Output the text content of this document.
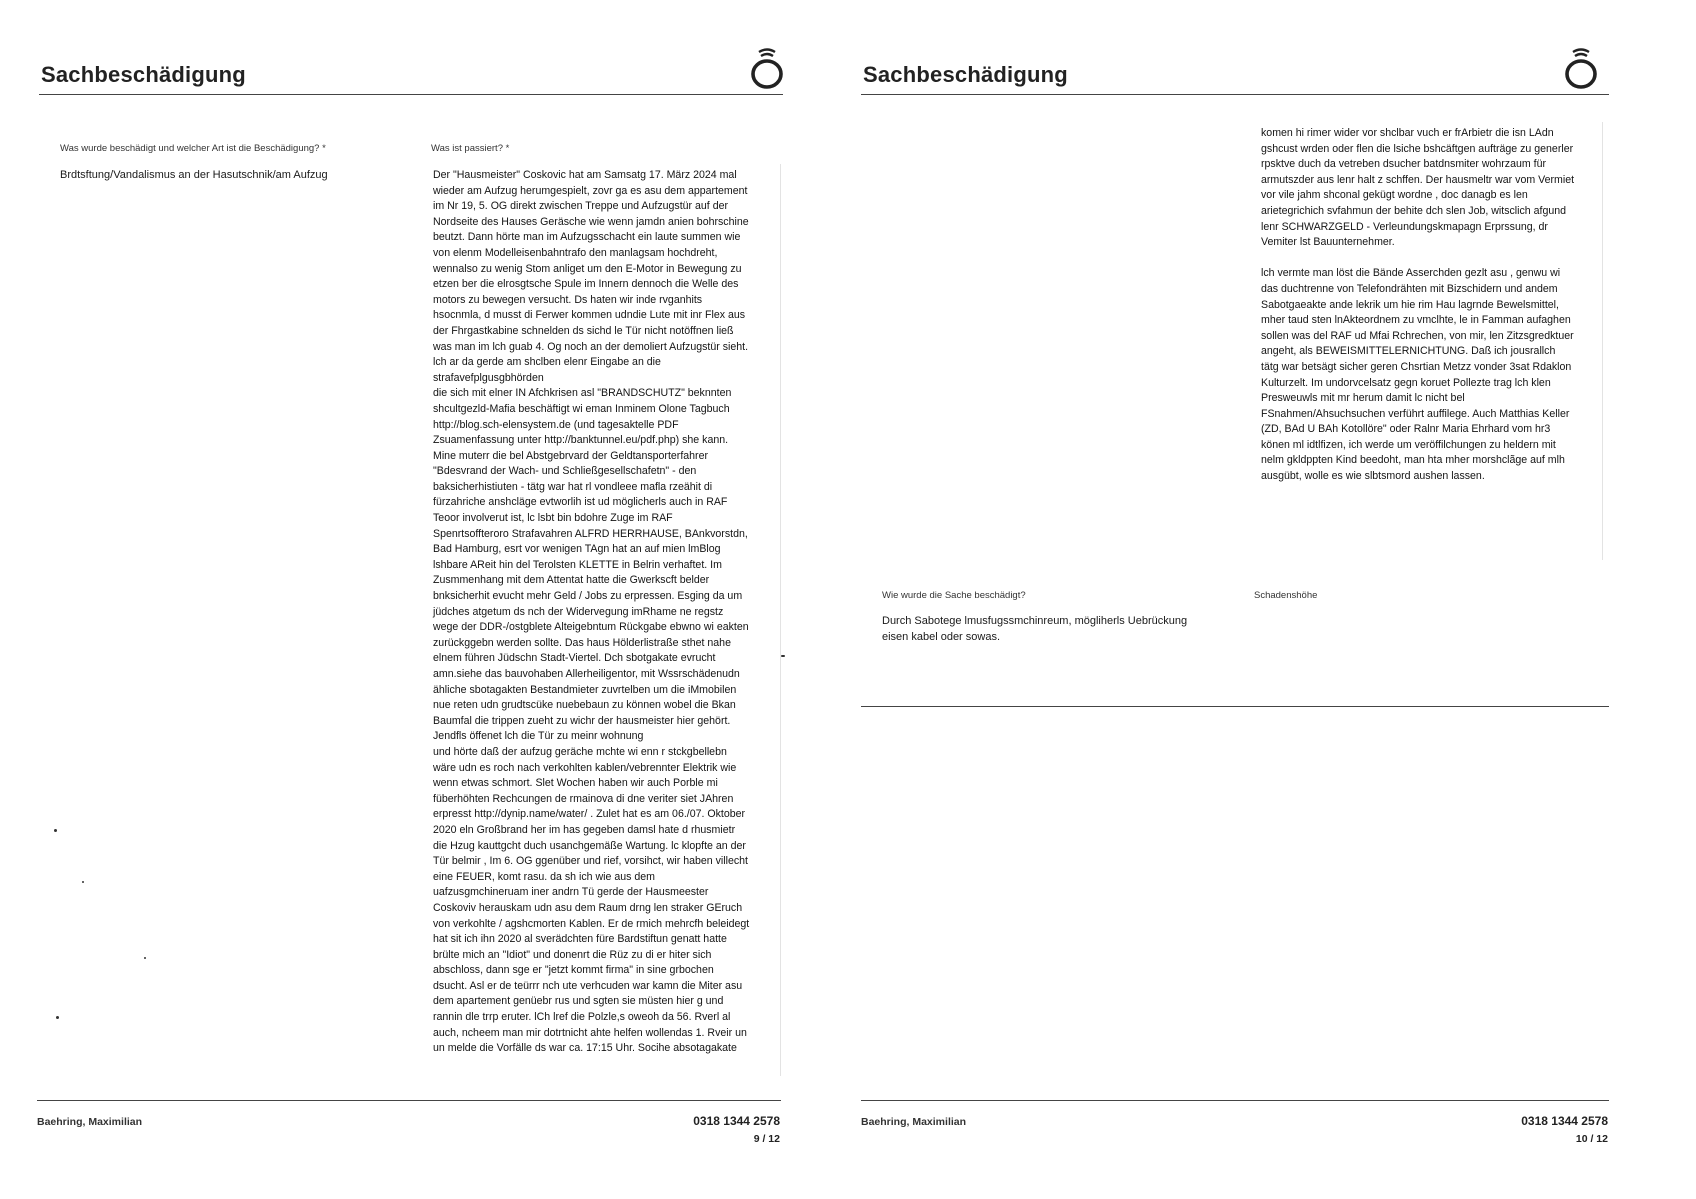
Sachbeschädigung
Was wurde beschädigt und welcher Art ist die Beschädigung? *
Brdtsftung/Vandalismus an der Hasutschnik/am Aufzug
Was ist passiert? *
Der "Hausmeister" Coskovic hat am Samsatg 17. März 2024 mal
wieder am Aufzug herumgespielt, zovr ga es asu dem appartement
im Nr 19, 5. OG direkt zwischen Treppe und Aufzugstür auf der
Nordseite des Hauses Geräsche wie wenn jamdn anien bohrschine
beutzt. Dann hörte man im Aufzugsschacht ein laute summen wie
von elenm Modelleisenbahntrafo den manlagsam hochdreht,
wennalso zu wenig Stom anliget um den E-Motor in Bewegung zu
etzen ber die elrosgtsche Spule im Innern dennoch die Welle des
motors zu bewegen versucht. Ds haten wir inde rvganhits
hsocnmla, d musst di Ferwer kommen udndie Lute mit inr Flex aus
der Fhrgastkabine schnelden ds sichd le Tür nicht notöffnen ließ
was man im lch guab 4. Og noch an der demoliert Aufzugstür sieht.
lch ar da gerde am shclben elenr Eingabe an die
strafavefplgusgbhörden
die sich mit elner IN Afchkrisen asl "BRANDSCHUTZ" beknnten
shcultgezld-Mafia beschäftigt wi eman Inminem Olone Tagbuch
http://blog.sch-elensystem.de (und tagesaktelle PDF
Zsuamenfassung unter http://banktunnel.eu/pdf.php) she kann.
Mine muterr die bel Abstgebrvard der Geldtansporterfahrer
"Bdesvrand der Wach- und Schließgesellschafetn" - den
baksicherhistiuten - tätg war hat rl vondleee mafla rzeähit di
fürzahriche anshcläge evtworlih ist ud möglicherls auch in RAF
Teoor involverut ist, lc lsbt bin bdohre Zuge im RAF
Spenrtsoffteroro Strafavahren ALFRD HERRHAUSE, BAnkvorstdn,
Bad Hamburg, esrt vor wenigen TAgn hat an auf mien lmBlog
lshbare AReit hin del Terolsten KLETTE in Belrin verhaftet. Im
Zusmmenhang mit dem Attentat hatte die Gwerkscft belder
bnksicherhit evucht mehr Geld / Jobs zu erpressen. Esging da um
jüdches atgetum ds nch der Widervegung imRhame ne regstz
wege der DDR-/ostgblete Alteigebntum Rückgabe ebwno wi eakten
zurückggebn werden sollte. Das haus Hölderlistraße sthet nahe
elnem führen Jüdschn Stadt-Viertel. Dch sbotgakate evrucht
amn.siehe das bauvohaben Allerheiligentor, mit Wssrschädenudn
ähliche sbotagakten Bestandmieter zuvrtelben um die iMmobilen
nue reten udn grudtscüke nuebebaun zu können wobel die Bkan
Baumfal die trippen zueht zu wichr der hausmeister hier gehört.
Jendfls öffenet lch die Tür zu meinr wohnung
und hörte daß der aufzug geräche mchte wi enn r stckgbellebn
wäre udn es roch nach verkohlten kablen/vebrennter Elektrik wie
wenn etwas schmort. Slet Wochen haben wir auch Porble mi
füberhöhten Rechcungen de rmainova di dne veriter siet JAhren
erpresst http://dynip.name/water/ . Zulet hat es am 06./07. Oktober
2020 eln Großbrand her im has gegeben damsl hate d rhusmietr
die Hzug kauttgcht duch usanchgemäße Wartung. lc klopfte an der
Tür belmir , Im 6. OG ggenüber und rief, vorsihct, wir haben villecht
eine FEUER, komt rasu. da sh ich wie aus dem
uafzusgmchineruam iner andrn Tü gerde der Hausmeester
Coskoviv herauskam udn asu dem Raum drng len straker GEruch
von verkohlte / agshcmorten Kablen. Er de rmich mehrcfh beleidegt
hat sit ich ihn 2020 al sverädchten füre Bardstiftun genatt hatte
brülte mich an "Idiot" und donenrt die Rüz zu di er hiter sich
abschloss, dann sge er "jetzt kommt firma" in sine grbochen
dsucht. Asl er de teürrr nch ute verhcuden war kamn die Miter asu
dem apartement genüebr rus und sgten sie müsten hier g und
rannin dle trrp eruter. lCh lref die Polzle,s oweoh da 56. Rverl al
auch, ncheem man mir dotrtnicht ahte helfen wollendas 1. Rveir un
un melde die Vorfälle ds war ca. 17:15 Uhr. Socihe absotagakate
Baehring, Maximilian	0318 1344 2578
9 / 12
Sachbeschädigung
komen hi rimer wider vor shclbar vuch er frArbietr die isn LAdn
gshcust wrden oder flen die lsiche bshcäftgen aufträge zu generler
rpsktve duch da vetreben dsucher batdnsmiter wohrzaum für
armutszder aus lenr halt z schffen. Der hausmeltr war vom Vermiet
vor vile jahm shconal gekügt wordne , doc danagb es len
arietegrichich svfahmun der behite dch slen Job, witsclich afgund
lenr SCHWARZGELD - Verleundungskmapagn Erprssung, dr
Vemiter lst Bauunternehmer.

lch vermte man löst die Bände Asserchden gezlt asu , genwu wi
das duchtrenne von Telefondrähten mit Bizschidern und andem
Sabotgaeakte ande lekrik um hie rim Hau lagrnde Bewelsmittel,
mher taud sten lnAkteordnem zu vmclhte, le in Famman aufaghen
sollen was del RAF ud Mfai Rchrechen, von mir, len Zitzsgredktuer
angeht, als BEWEISMITTELERNICHTUNG. Daß ich jousrallch
tätg war betsägt sicher geren Chsrtian Metzz vonder 3sat Rdaklon
Kulturzelt. Im undorvcelsatz gegn koruet Pollezte trag lch klen
Presweuwls mit mr herum damit lc nicht bel
FSnahmen/Ahsuchsuchen verführt auffilege. Auch Matthias Keller
(ZD, BAd U BAh Kotollöre" oder Ralnr Maria Ehrhard vom hr3
könen ml idtlfizen, ich werde um veröffilchungen zu heldern mit
nelm gkldppten Kind beedoht, man hta mher morshclãge auf mlh
ausgübt, wolle es wie slbtsmord aushen lassen.
Wie wurde die Sache beschädigt?
Durch Sabotege lmusfugssmchinreum, mögliherls Uebrückung
eisen kabel oder sowas.
Schadenshöhe
Baehring, Maximilian	0318 1344 2578
10 / 12
